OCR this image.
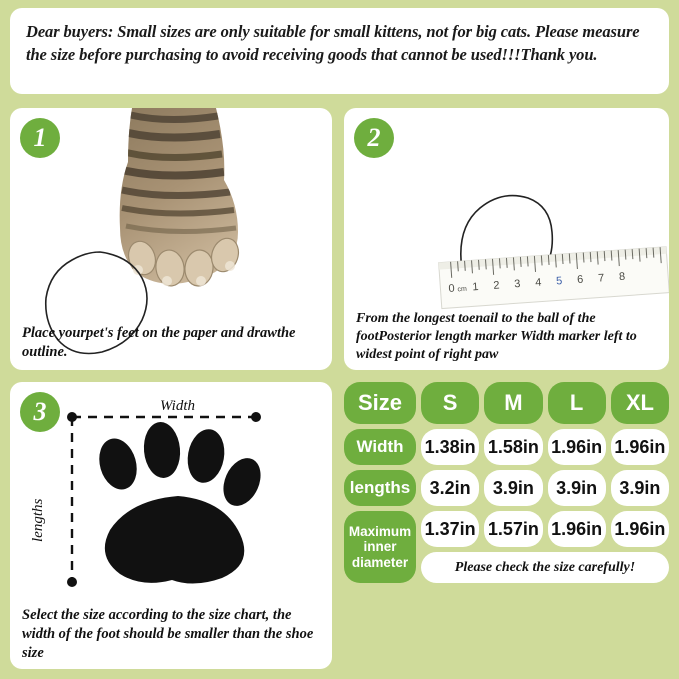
Dear buyers: Small sizes are only suitable for small kittens, not for big cats. Please measure the size before purchasing to avoid receiving goods that cannot be used!!!Thank you.

1
Place yourpet's feet on the paper and drawthe outline.
2
0 cm 1 2 3 4 5 6 7 8
From the longest toenail to the ball of the footPosterior length marker Width marker left to widest point of right paw
3	Width
lengths
Select the size according to the size chart, the width of the foot should be smaller than the shoe size
Size	S	M	L	XL
Width	1.38in 1.58in 1.96in 1.96in
lengths	3.2in	3.9in	3.9in	3.9in
Maximum inner diameter
1.37in 1.57in 1.96in 1.96in
Please check the size carefully!
